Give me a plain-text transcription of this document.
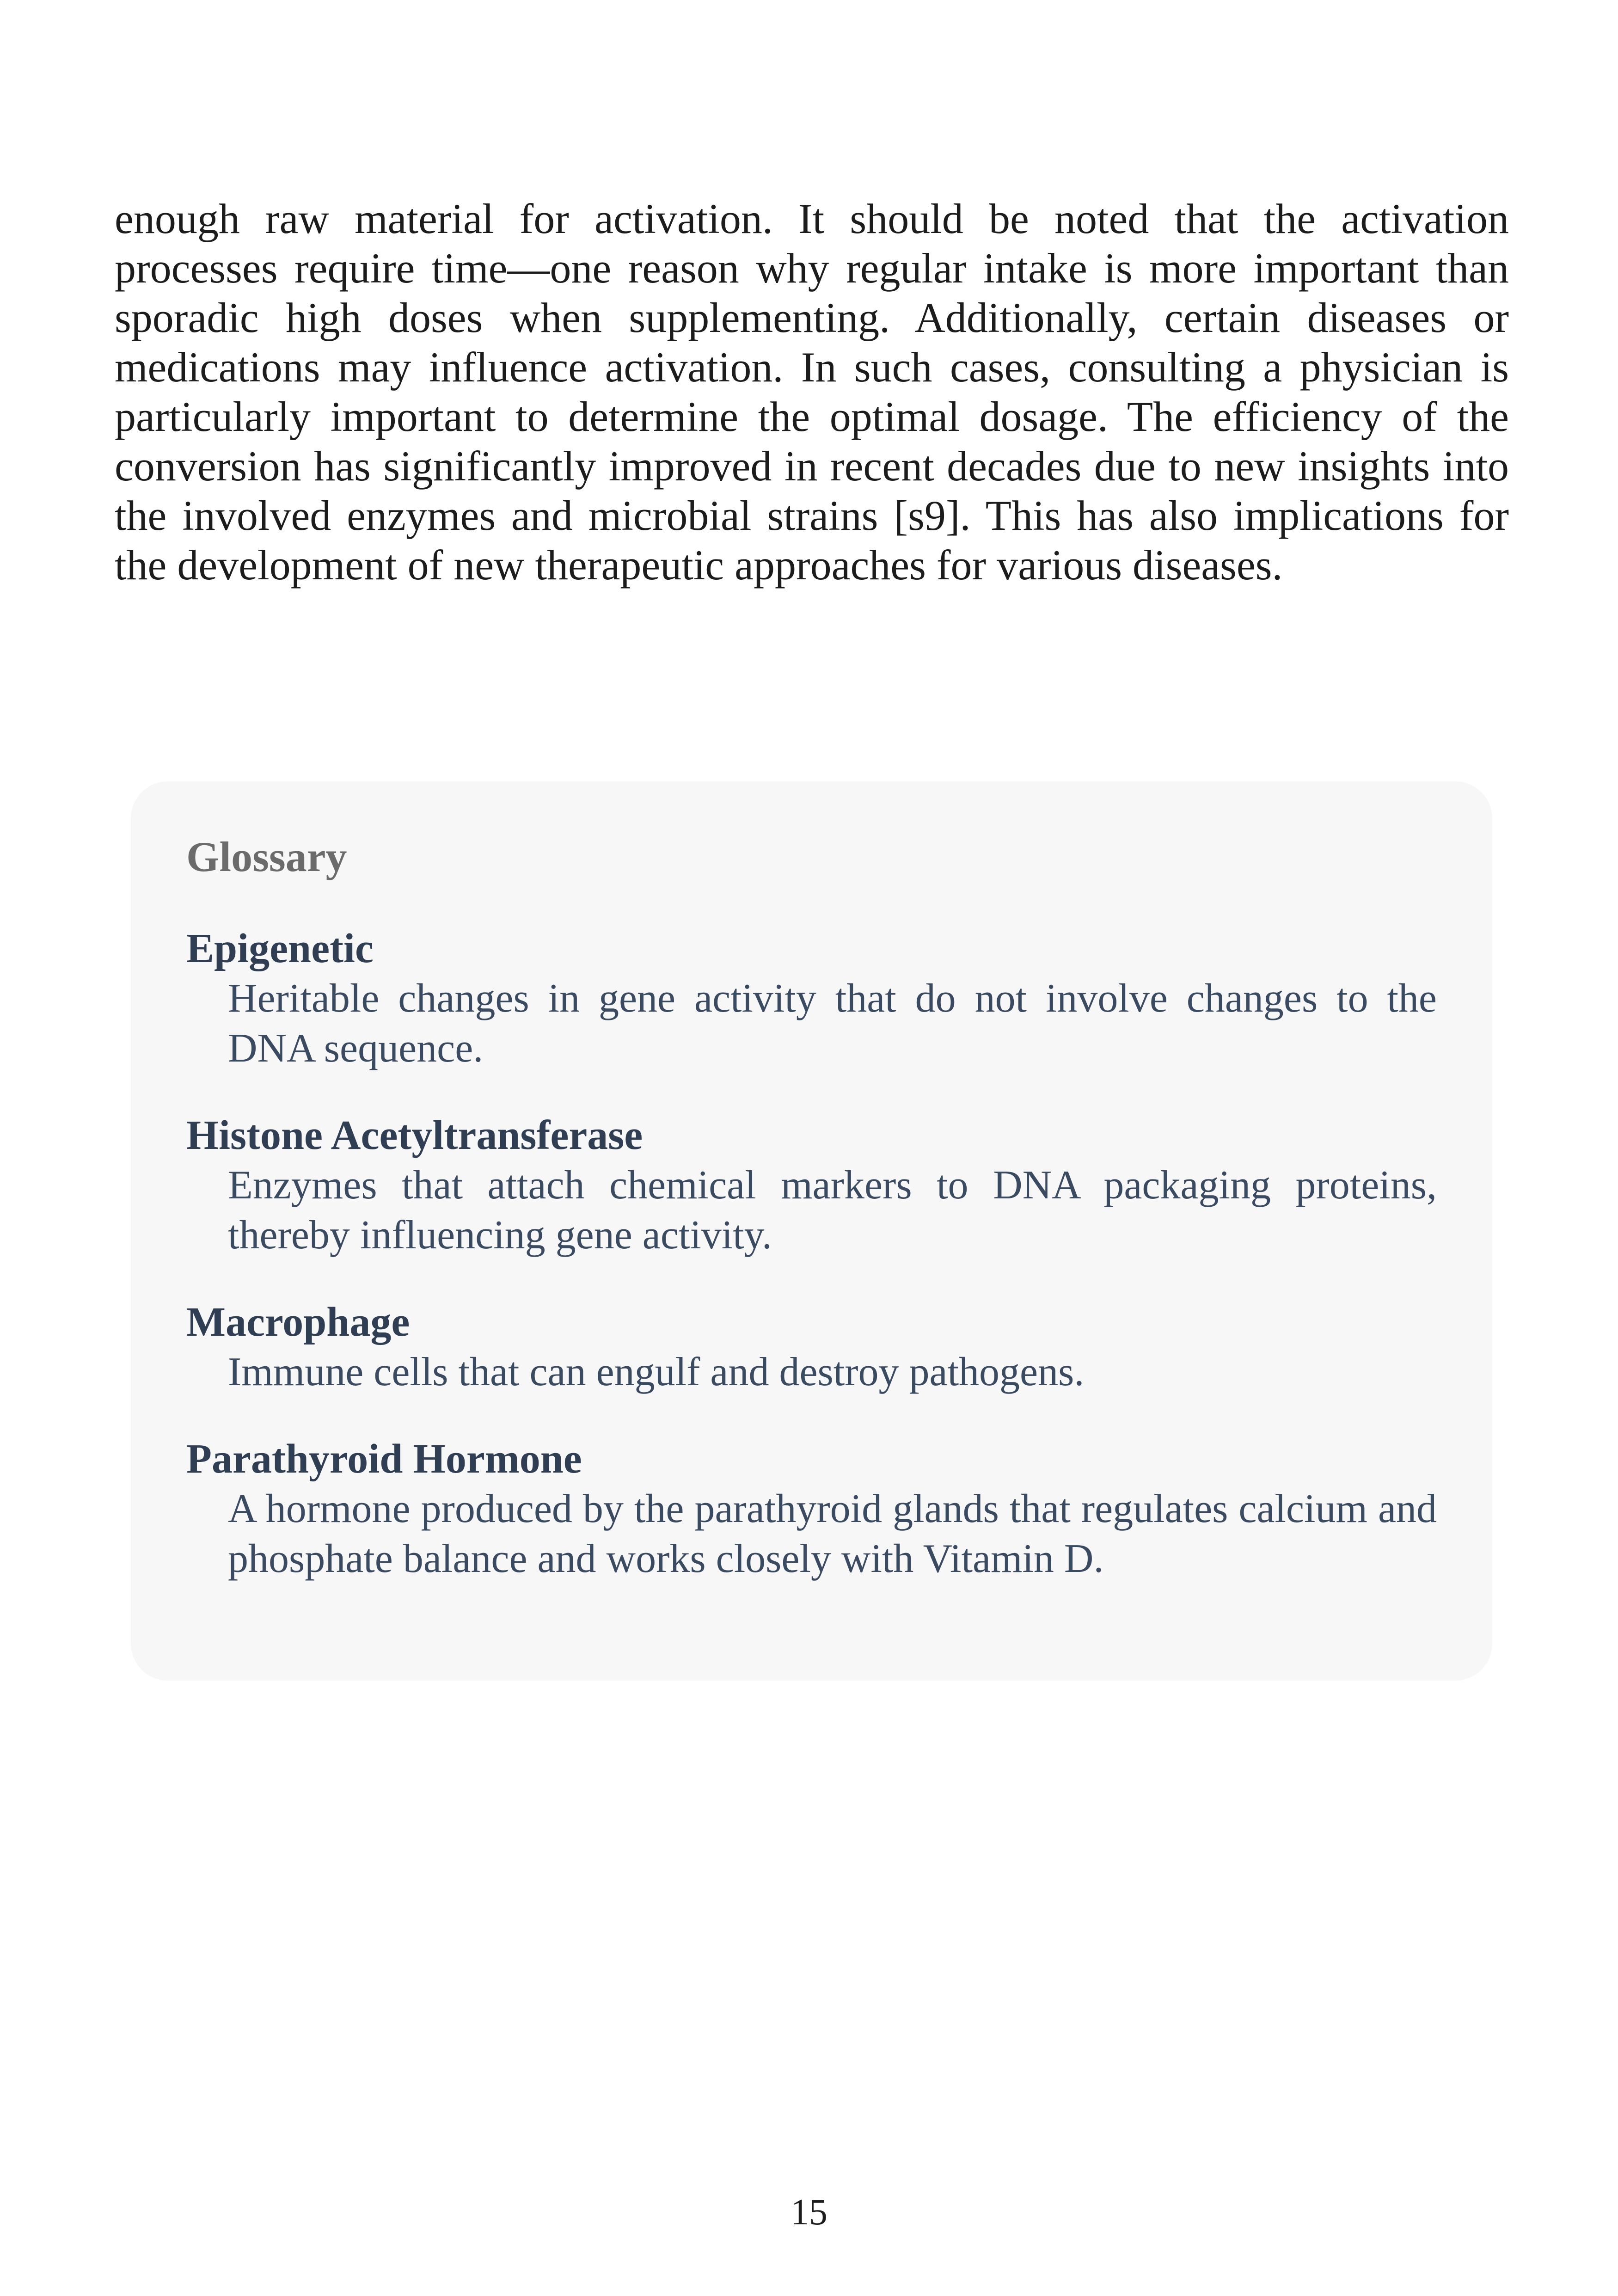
enough raw material for activation. It should be noted that the activation processes require time—one reason why regular intake is more important than sporadic high doses when supplementing. Additionally, certain diseases or medications may influence activation. In such cases, consulting a physician is particularly important to determine the optimal dosage. The efficiency of the conversion has significantly improved in recent decades due to new insights into the involved enzymes and microbial strains [s9]. This has also implications for the development of new therapeutic approaches for various diseases.

Glossary

Epigenetic

Heritable changes in gene activity that do not involve changes to the DNA sequence.

Histone Acetyltransferase

Enzymes that attach chemical markers to DNA packaging proteins, thereby influencing gene activity.

Macrophage

Immune cells that can engulf and destroy pathogens.

Parathyroid Hormone

A hormone produced by the parathyroid glands that regulates calcium and phosphate balance and works closely with Vitamin D.

15
